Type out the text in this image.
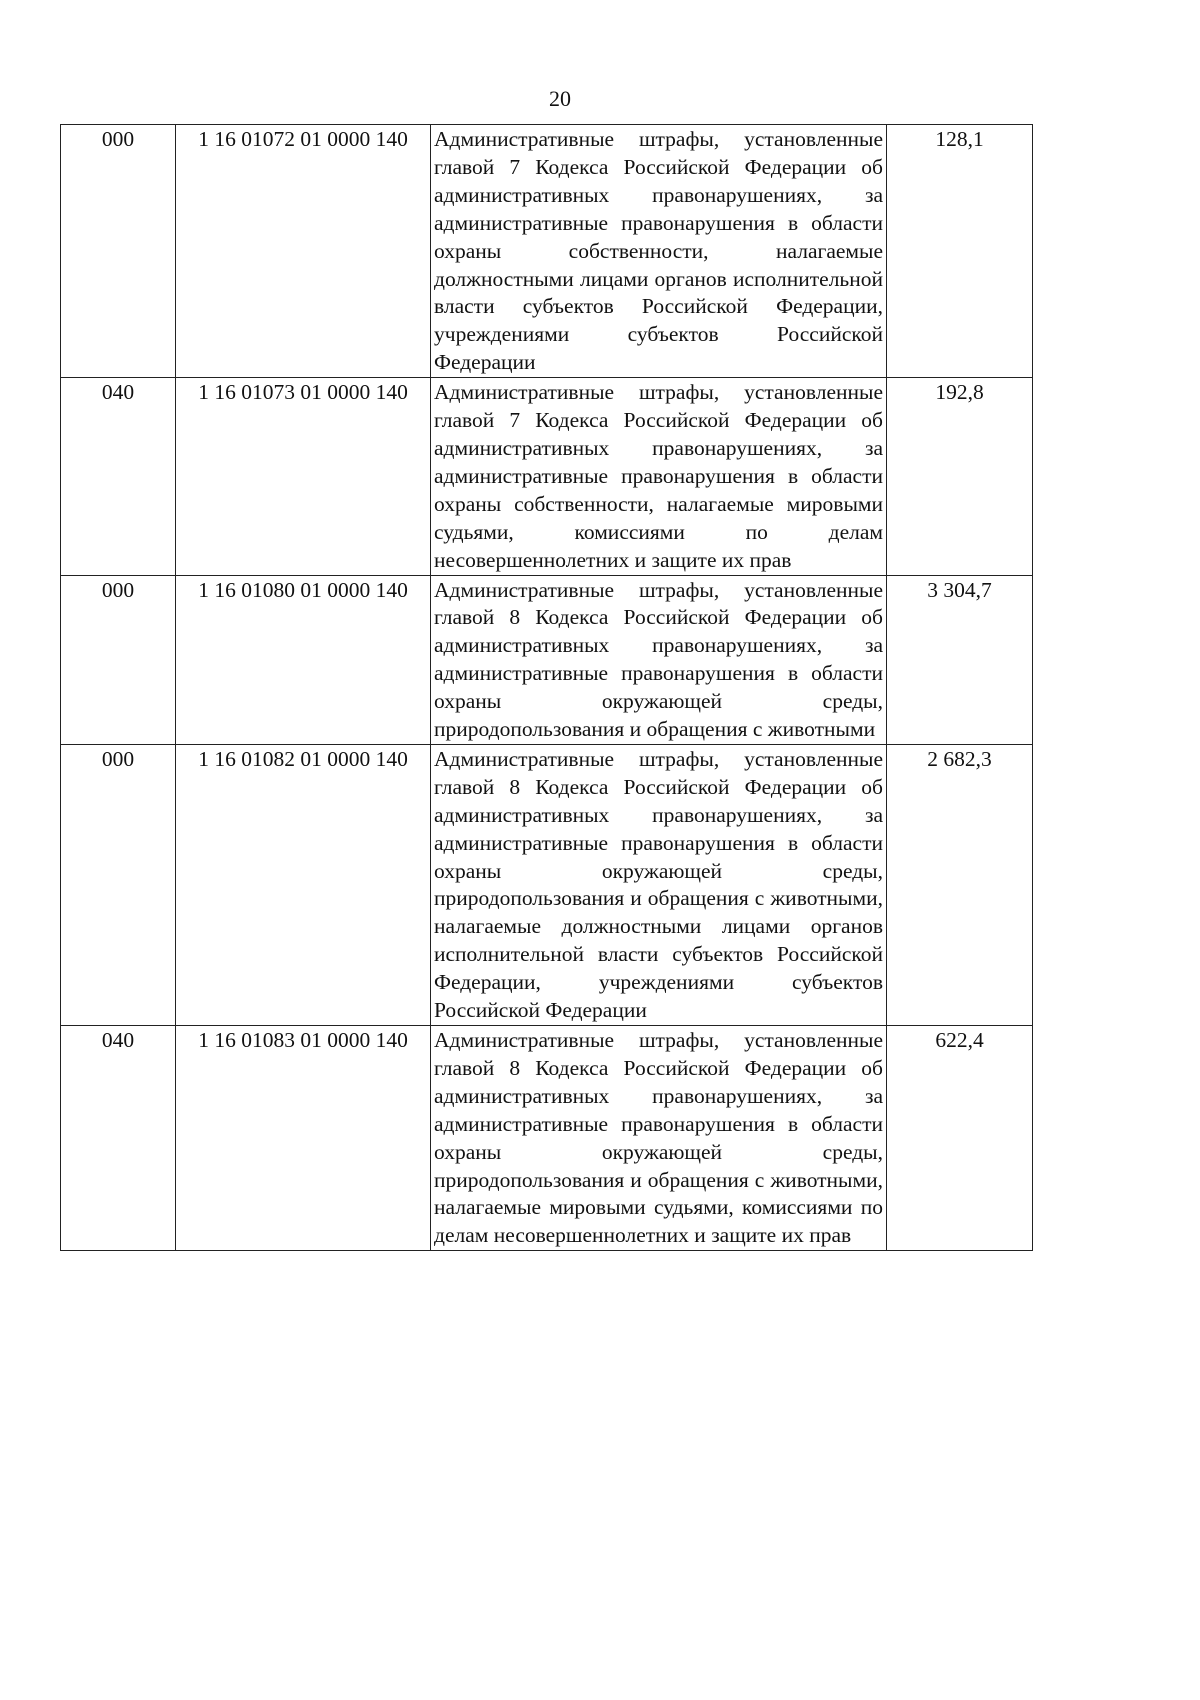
20
000	1 16 01072 01 0000 140	Административные штрафы, установленные главой 7 Кодекса Российской Федерации об административных правонарушениях, за административные правонарушения в области охраны собственности, налагаемые должностными лицами органов исполнительной власти субъектов Российской Федерации, учреждениями субъектов Российской Федерации	128,1
040	1 16 01073 01 0000 140	Административные штрафы, установленные главой 7 Кодекса Российской Федерации об административных правонарушениях, за административные правонарушения в области охраны собственности, налагаемые мировыми судьями, комиссиями по делам несовершеннолетних и защите их прав	192,8
000	1 16 01080 01 0000 140	Административные штрафы, установленные главой 8 Кодекса Российской Федерации об административных правонарушениях, за административные правонарушения в области охраны окружающей среды, природопользования и обращения с животными	3 304,7
000	1 16 01082 01 0000 140	Административные штрафы, установленные главой 8 Кодекса Российской Федерации об административных правонарушениях, за административные правонарушения в области охраны окружающей среды, природопользования и обращения с животными, налагаемые должностными лицами органов исполнительной власти субъектов Российской Федерации, учреждениями субъектов Российской Федерации	2 682,3
040	1 16 01083 01 0000 140	Административные штрафы, установленные главой 8 Кодекса Российской Федерации об административных правонарушениях, за административные правонарушения в области охраны окружающей среды, природопользования и обращения с животными, налагаемые мировыми судьями, комиссиями по делам несовершеннолетних и защите их прав	622,4
